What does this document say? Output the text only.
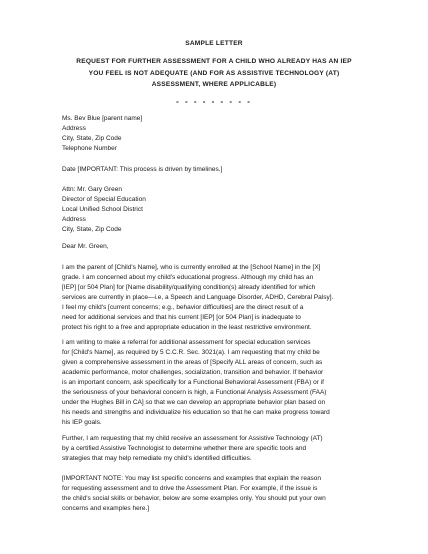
SAMPLE LETTER
REQUEST FOR FURTHER ASSESSMENT FOR A CHILD WHO ALREADY HAS AN IEP
YOU FEEL IS NOT ADEQUATE (AND FOR AS ASSISTIVE TECHNOLOGY (AT)
ASSESSMENT, WHERE APPLICABLE)
- - - - - - - - -
Ms. Bev Blue [parent name]
Address
City, State, Zip Code
Telephone Number
Date [IMPORTANT: This process is driven by timelines.]
Attn: Mr. Gary Green
Director of Special Education
Local Unified School District
Address
City, State, Zip Code
Dear Mr. Green,
I am the parent of [Child's Name], who is currently enrolled at the [School Name] in the [X]
grade. I am concerned about my child's educational progress. Although my child has an
[IEP] [or 504 Plan] for [Name disability/qualifying condition(s) already identified for which
services are currently in place—i.e, a Speech and Language Disorder, ADHD, Cerebral Palsy].
I feel my child's [current concerns; e.g., behavior difficulties] are the direct result of a
need for additional services and that his current [IEP] [or 504 Plan] is inadequate to
protect his right to a free and appropriate education in the least restrictive environment.
I am writing to make a referral for additional assessment for special education services
for [Child's Name], as required by 5 C.C.R. Sec. 3021(a). I am requesting that my child be
given a comprehensive assessment in the areas of [Specify ALL areas of concern, such as
academic performance, motor challenges, socialization, transition and behavior. If behavior
is an important concern, ask specifically for a Functional Behavioral Assessment (FBA) or if
the seriousness of your behavioral concern is high, a Functional Analysis Assessment (FAA)
under the Hughes Bill in CA] so that we can develop an appropriate behavior plan based on
his needs and strengths and individualize his education so that he can make progress toward
his IEP goals.
Further, I am requesting that my child receive an assessment for Assistive Technology (AT)
by a certified Assistive Technologist to determine whether there are specific tools and
strategies that may help remediate my child's identified difficulties.
[IMPORTANT NOTE: You may list specific concerns and examples that explain the reason
for requesting assessment and to drive the Assessment Plan. For example, if the issue is
the child's social skills or behavior, below are some examples only. You should put your own
concerns and examples here.]
